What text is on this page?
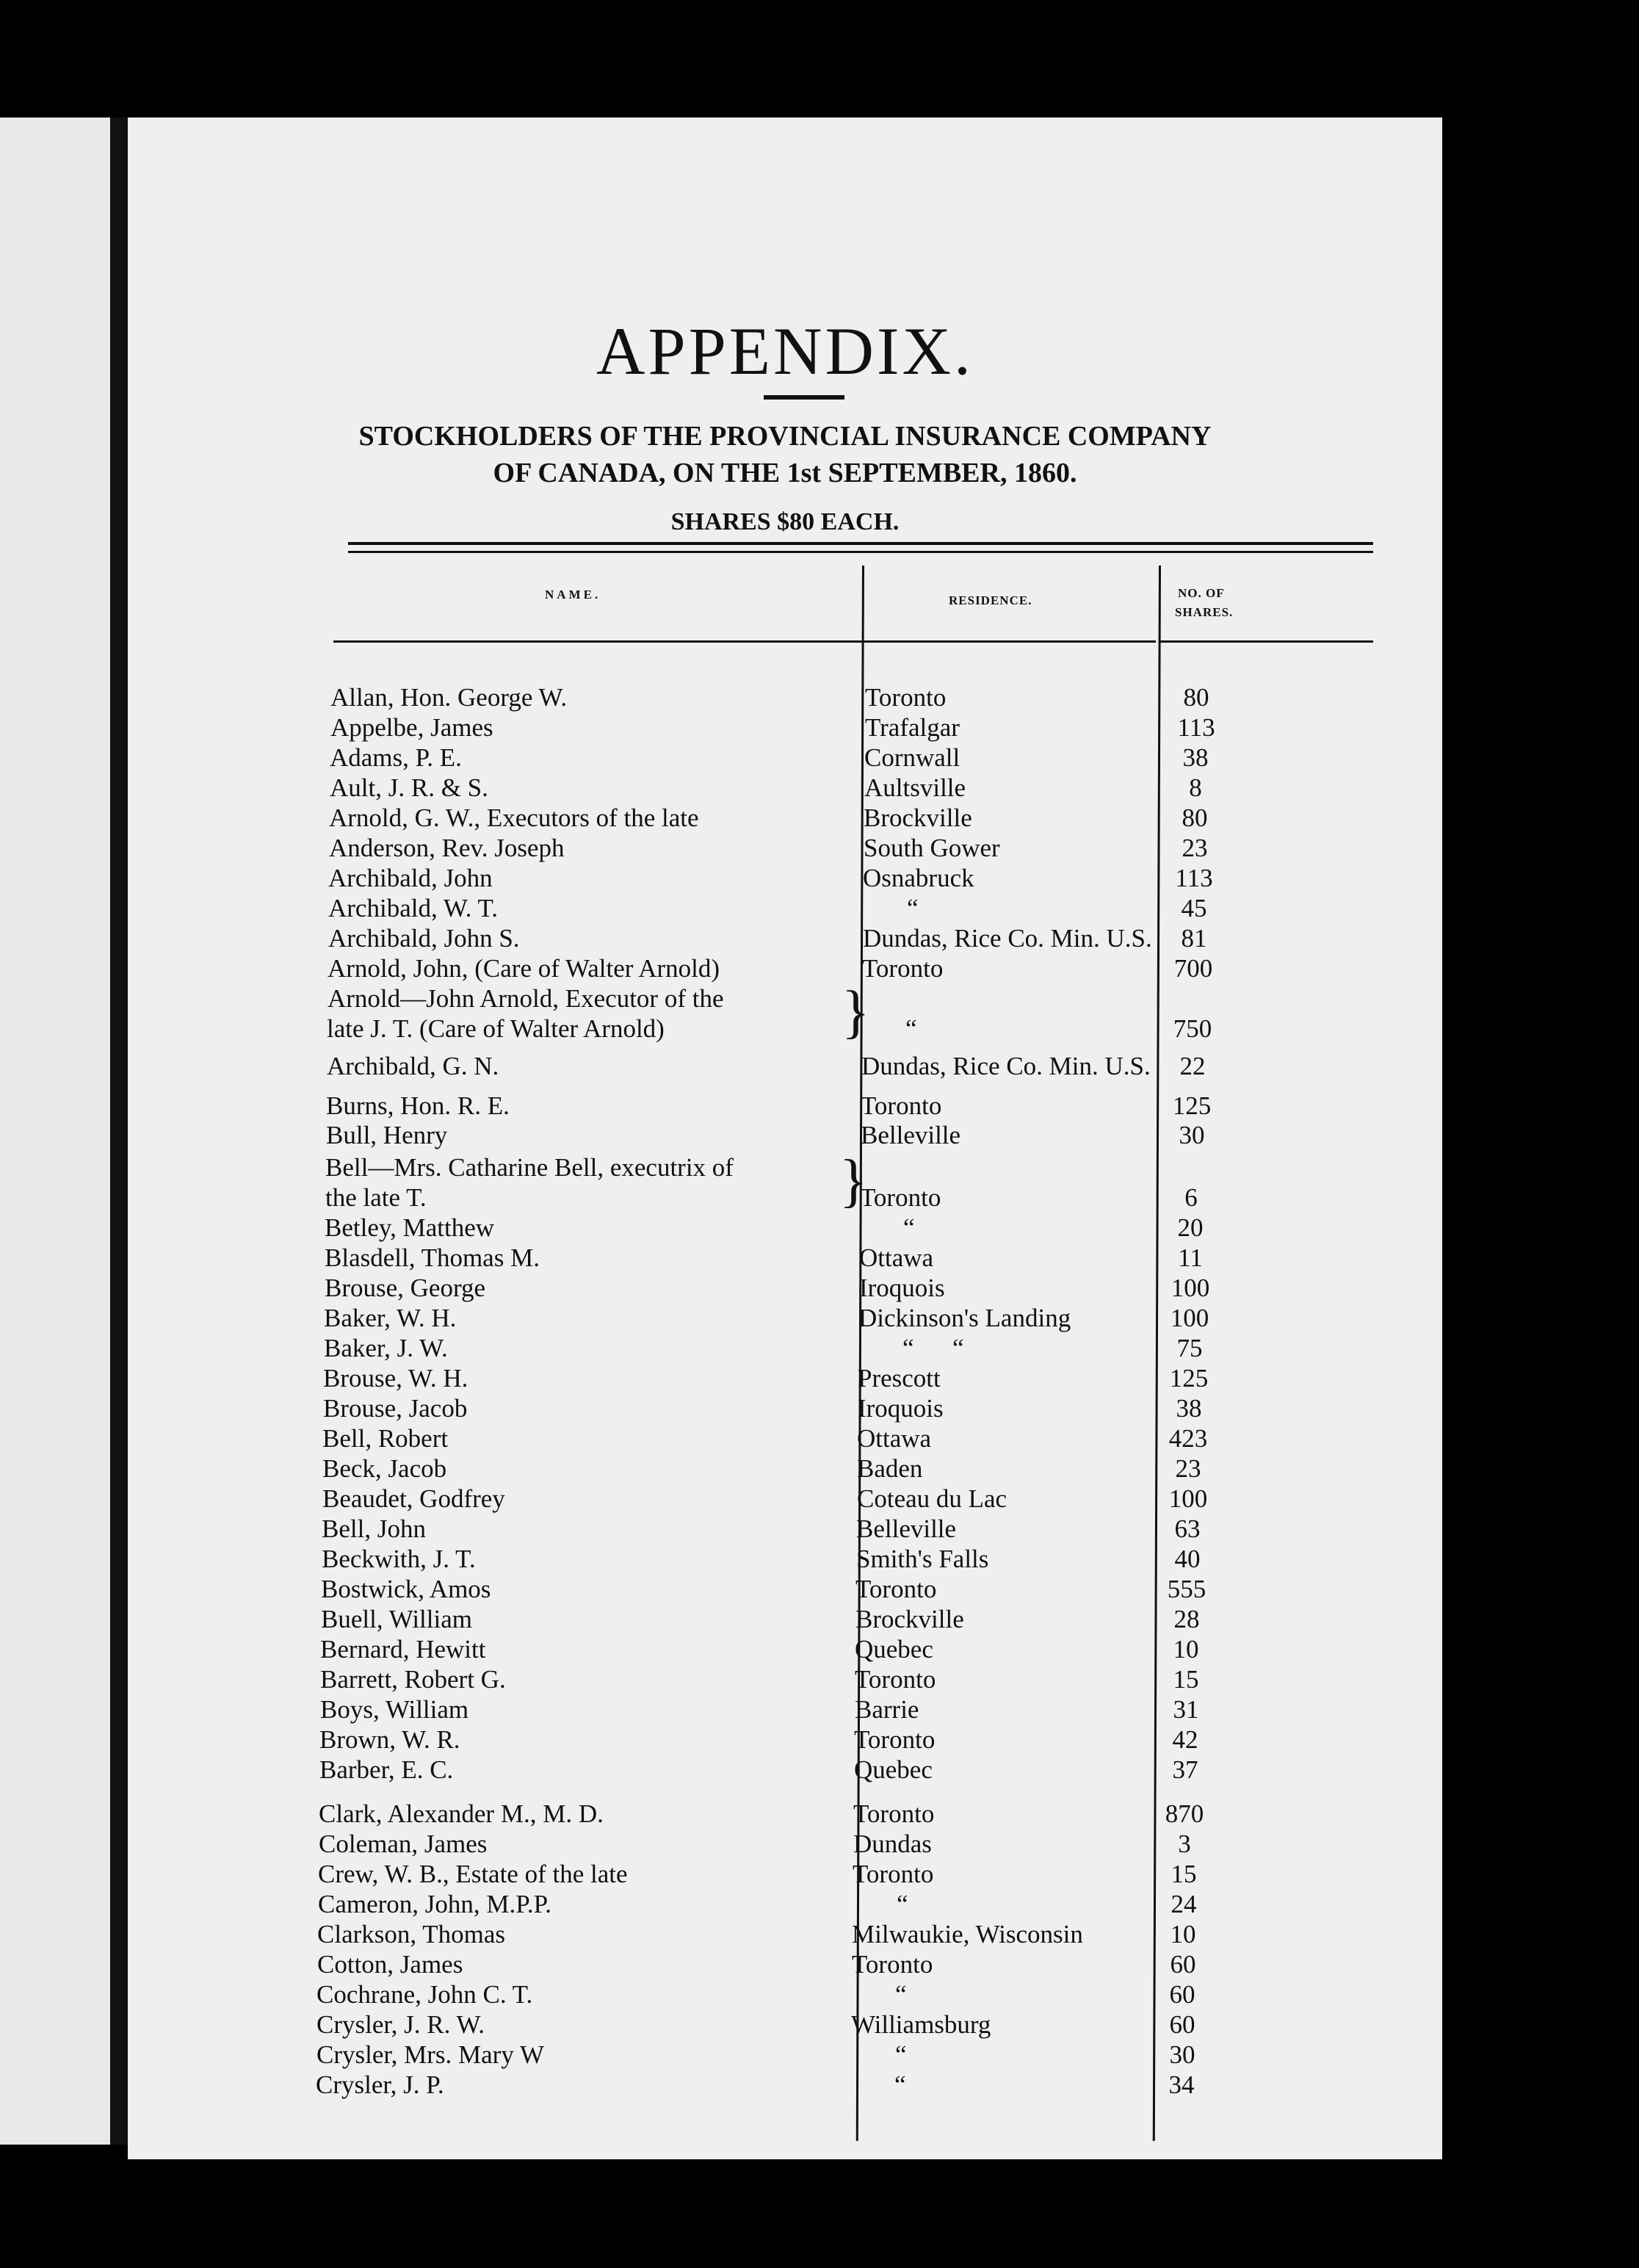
APPENDIX.
STOCKHOLDERS OF THE PROVINCIAL INSURANCE COMPANY
OF CANADA, ON THE 1st SEPTEMBER, 1860.
SHARES $80 EACH.
NAME.	RESIDENCE.
NO. OF
SHARES.
Allan, Hon. George W.	Toronto	80
Appelbe, James	Trafalgar	113
Adams, P. E.	Cornwall	38
Ault, J. R. & S.	Aultsville	8
Arnold, G. W., Executors of the late	Brockville	80
Anderson, Rev. Joseph	South Gower	23
Archibald, John	Osnabruck	113
Archibald, W. T.	“	45
Archibald, John S.	Dundas, Rice Co. Min. U.S.	81
Arnold, John, (Care of Walter Arnold)	Toronto	700
Arnold—John Arnold, Executor of the
late J. T. (Care of Walter Arnold)	“	750
Archibald, G. N.	Dundas, Rice Co. Min. U.S.	22
Burns, Hon. R. E.	Toronto	125
Bull, Henry	Belleville	30
Bell—Mrs. Catharine Bell, executrix of
the late T.	Toronto	6
Betley, Matthew	“	20
Blasdell, Thomas M.	Ottawa	11
Brouse, George	Iroquois	100
Baker, W. H.	Dickinson's Landing	100
Baker, J. W.	“      “	75
Brouse, W. H.	Prescott	125
Brouse, Jacob	Iroquois	38
Bell, Robert	Ottawa	423
Beck, Jacob	Baden	23
Beaudet, Godfrey	Coteau du Lac	100
Bell, John	Belleville	63
Beckwith, J. T.	Smith's Falls	40
Bostwick, Amos	Toronto	555
Buell, William	Brockville	28
Bernard, Hewitt	Quebec	10
Barrett, Robert G.	Toronto	15
Boys, William	Barrie	31
Brown, W. R.	Toronto	42
Barber, E. C.	Quebec	37
Clark, Alexander M., M. D.	Toronto	870
Coleman, James	Dundas	3
Crew, W. B., Estate of the late	Toronto	15
Cameron, John, M.P.P.	“	24
Clarkson, Thomas	Milwaukie, Wisconsin	10
Cotton, James	Toronto	60
Cochrane, John C. T.	“	60
Crysler, J. R. W.	Williamsburg	60
Crysler, Mrs. Mary W	“	30
Crysler, J. P.	“	34
}
}
